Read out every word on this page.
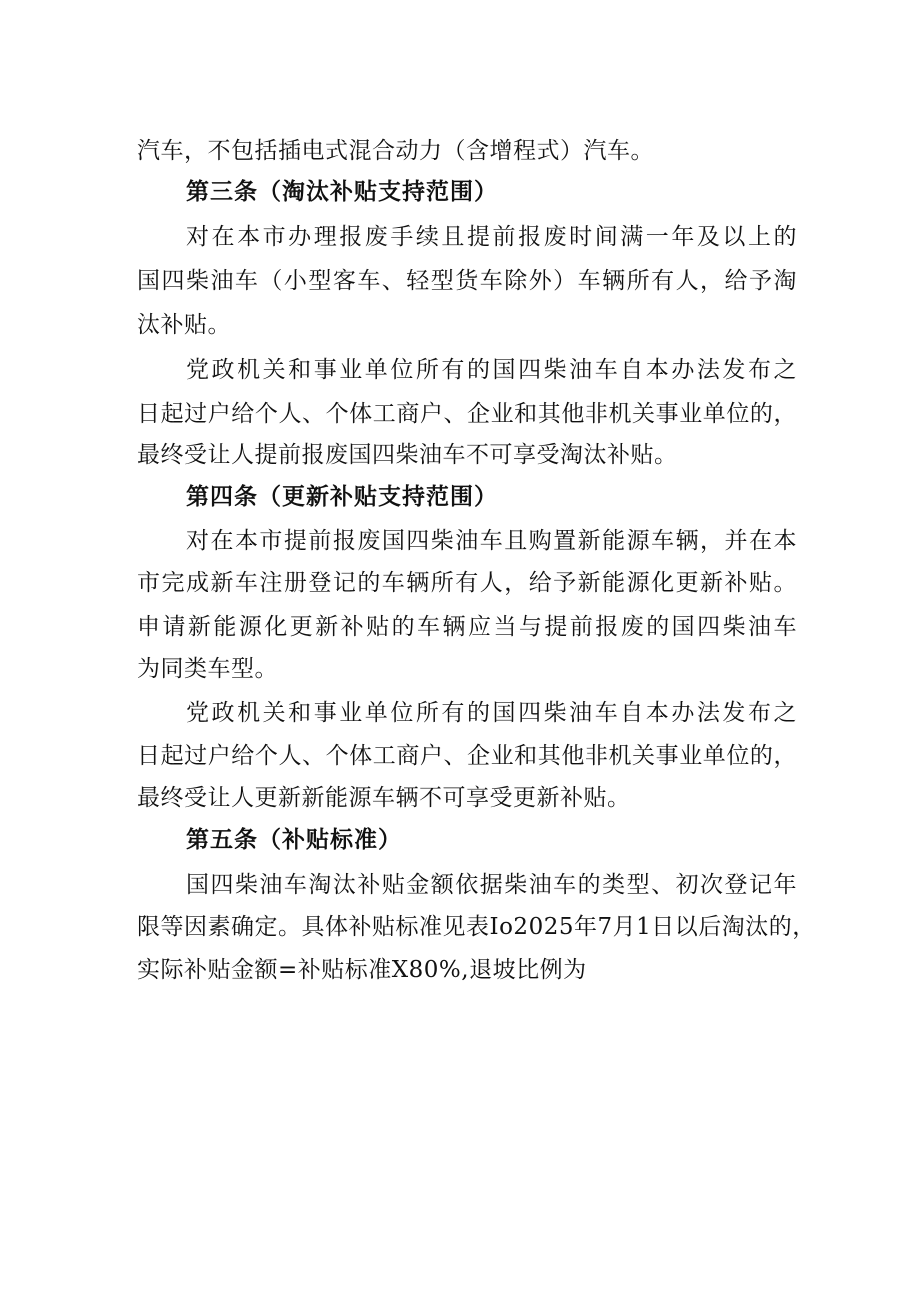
汽车，不包括插电式混合动力（含增程式）汽车。
第三条（淘汰补贴支持范围）
对在本市办理报废手续且提前报废时间满一年及以上的
国四柴油车（小型客车、轻型货车除外）车辆所有人，给予淘
汰补贴。
党政机关和事业单位所有的国四柴油车自本办法发布之
日起过户给个人、个体工商户、企业和其他非机关事业单位的，
最终受让人提前报废国四柴油车不可享受淘汰补贴。
第四条（更新补贴支持范围）
对在本市提前报废国四柴油车且购置新能源车辆，并在本
市完成新车注册登记的车辆所有人，给予新能源化更新补贴。
申请新能源化更新补贴的车辆应当与提前报废的国四柴油车
为同类车型。
党政机关和事业单位所有的国四柴油车自本办法发布之
日起过户给个人、个体工商户、企业和其他非机关事业单位的，
最终受让人更新新能源车辆不可享受更新补贴。
第五条（补贴标准）
国四柴油车淘汰补贴金额依据柴油车的类型、初次登记年
限等因素确定。具体补贴标准见表Io2025年7月1日以后淘汰的，
实际补贴金额=补贴标准X80%,退坡比例为
